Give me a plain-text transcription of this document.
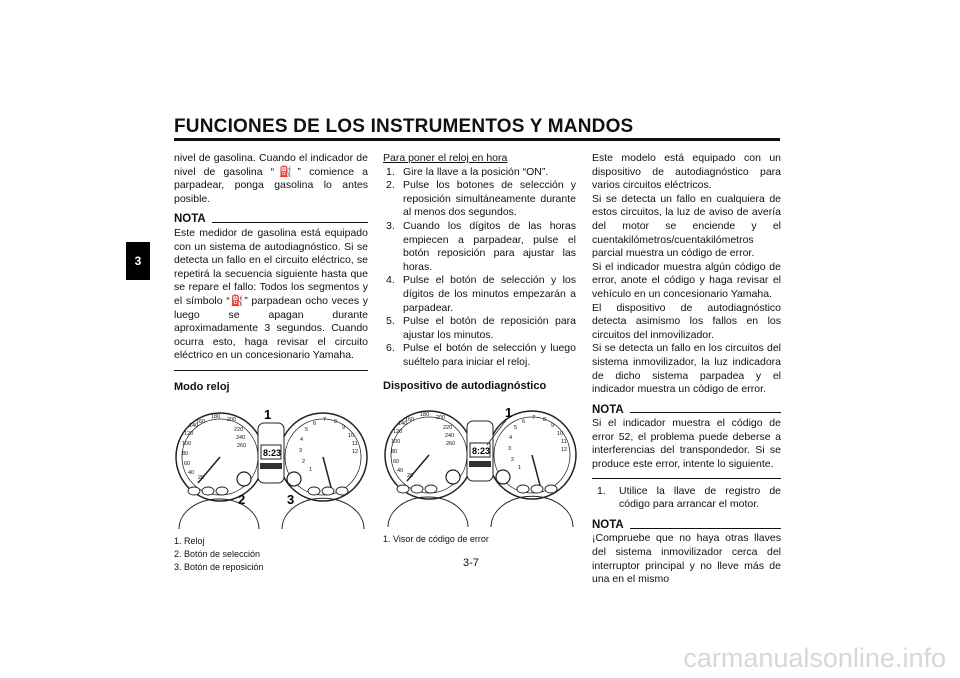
FUNCIONES DE LOS INSTRUMENTOS Y MANDOS
3

nivel de gasolina. Cuando el indicador de nivel de gasolina “⛽” comience a parpadear, ponga gasolina lo antes posible.

NOTA

Este medidor de gasolina está equipado con un sistema de autodiagnóstico. Si se detecta un fallo en el circuito eléctrico, se repetirá la secuencia siguiente hasta que se repare el fallo: Todos los segmentos y el símbolo “⛽” parpadean ocho veces y luego se apagan durante aproximadamente 3 segundos. Cuando ocurra esto, haga revisar el circuito eléctrico en un concesionario Yamaha.

Modo reloj
8:23
160
180 200
220
240
260
140
120
100
80
60
40
20
6
7 8
9
10
11
12
5
4
3
2
1
1
2	3
1. Reloj
2. Botón de selección
3. Botón de reposición
Para poner el reloj en hora
1. Gire la llave a la posición “ON”.
2. Pulse los botones de selección y reposición simultáneamente durante al menos dos segundos.
3. Cuando los dígitos de las horas empiecen a parpadear, pulse el botón reposición para ajustar las horas.
4. Pulse el botón de selección y los dígitos de los minutos empezarán a parpadear.
5. Pulse el botón de reposición para ajustar los minutos.
6. Pulse el botón de selección y luego suéltelo para iniciar el reloj.
Dispositivo de autodiagnóstico
8:23
160
180 200
220
240
260
140
120
100
80
60
40
20
6
7 8
9
10
11
12
5
4
3
2
1
1
1. Visor de código de error

Este modelo está equipado con un dispositivo de autodiagnóstico para varios circuitos eléctricos.

Si se detecta un fallo en cualquiera de estos circuitos, la luz de aviso de avería del motor se enciende y el cuentakilómetros/cuentakilómetros parcial muestra un código de error.

Si el indicador muestra algún código de error, anote el código y haga revisar el vehículo en un concesionario Yamaha.

El dispositivo de autodiagnóstico detecta asimismo los fallos en los circuitos del inmovilizador.

Si se detecta un fallo en los circuitos del sistema inmovilizador, la luz indicadora de dicho sistema parpadea y el indicador muestra un código de error.

NOTA

Si el indicador muestra el código de error 52, el problema puede deberse a interferencias del transpondedor. Si se produce este error, intente lo siguiente.

1.	Utilice la llave de registro de código para arrancar el motor.
NOTA

¡Compruebe que no haya otras llaves del sistema inmovilizador cerca del interruptor principal y no lleve más de una en el mismo

3-7
carmanualsonline.info
